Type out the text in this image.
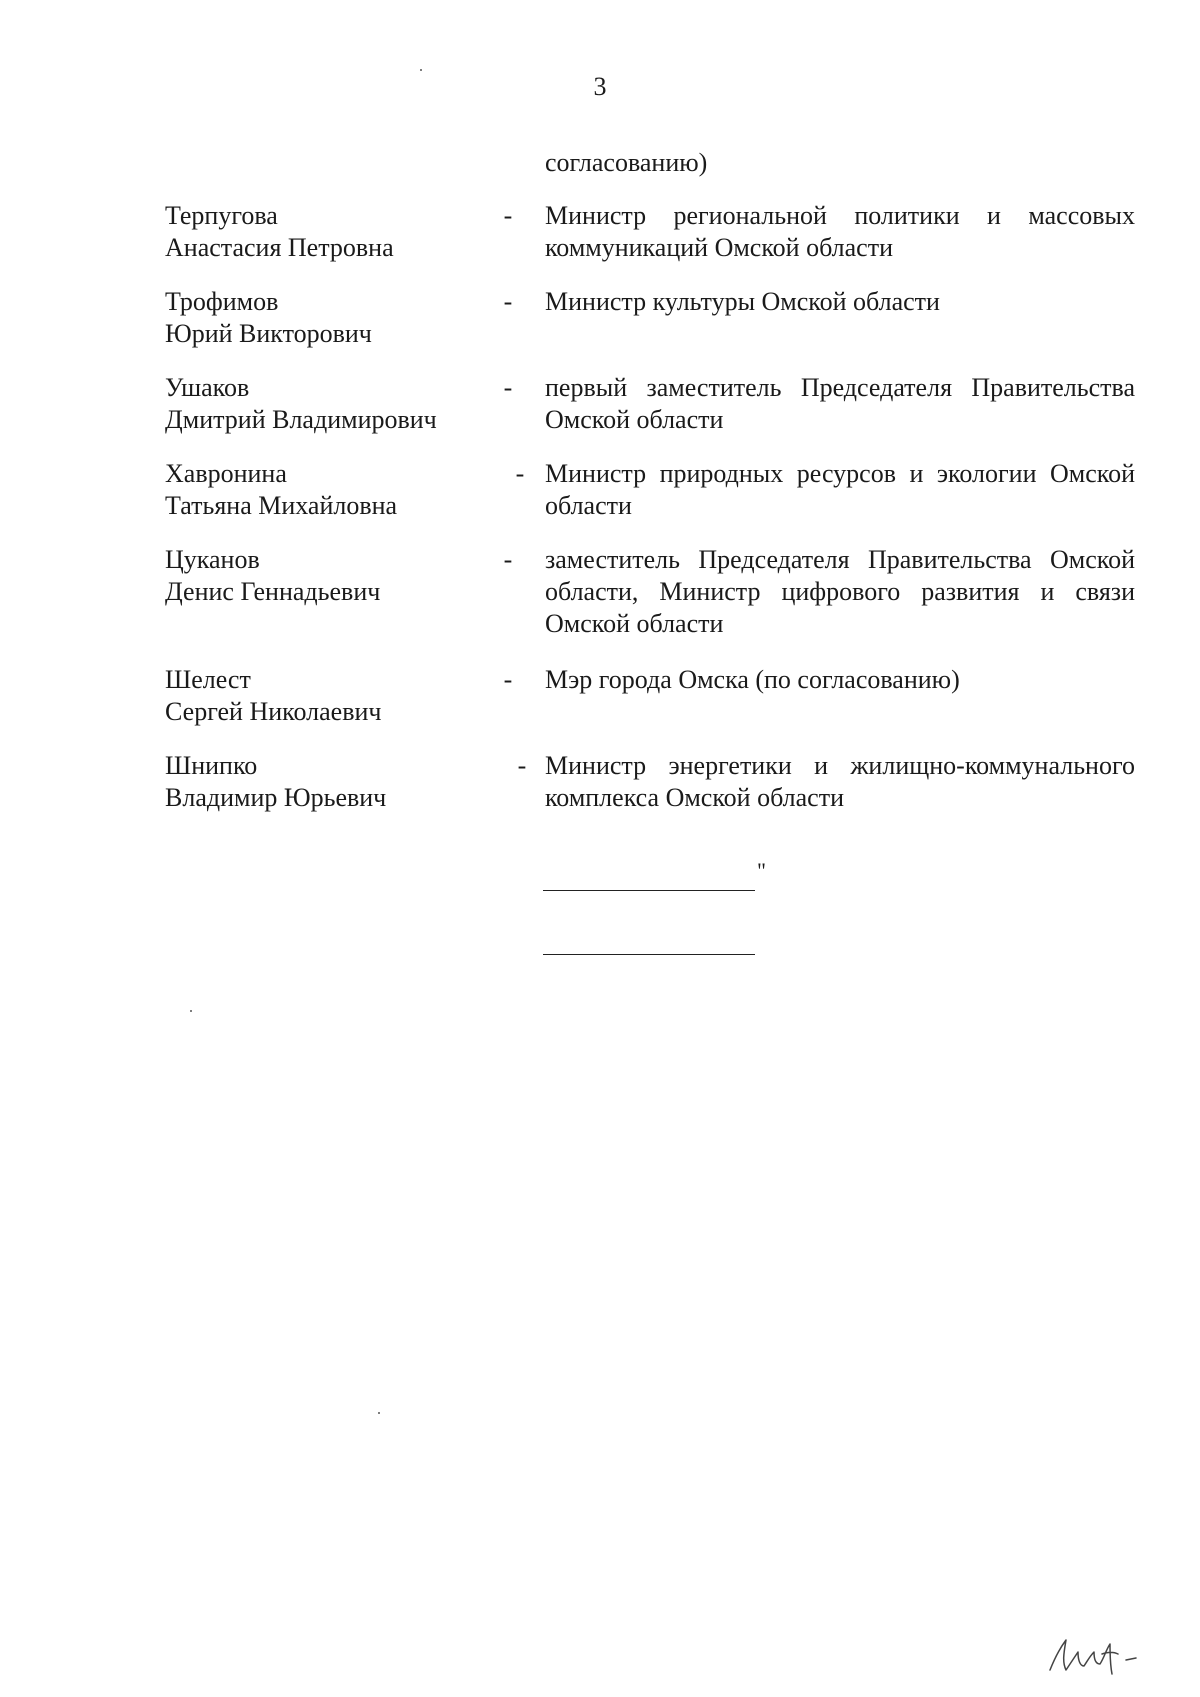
3
согласованию)
Терпугова
Анастасия Петровна
- Министр региональной политики и массовых коммуникаций Омской области
Трофимов
Юрий Викторович
- Министр культуры Омской области
Ушаков
Дмитрий Владимирович
- первый заместитель Председателя Правительства Омской области
Хавронина
Татьяна Михайловна
- Министр природных ресурсов и экологии Омской области
Цуканов
Денис Геннадьевич
- заместитель Председателя Правительства Омской области, Министр цифрового развития и связи Омской области
Шелест
Сергей Николаевич
- Мэр города Омска (по согласованию)
Шнипко
Владимир Юрьевич
- Министр энергетики и жилищно-коммунального комплекса Омской области
"
